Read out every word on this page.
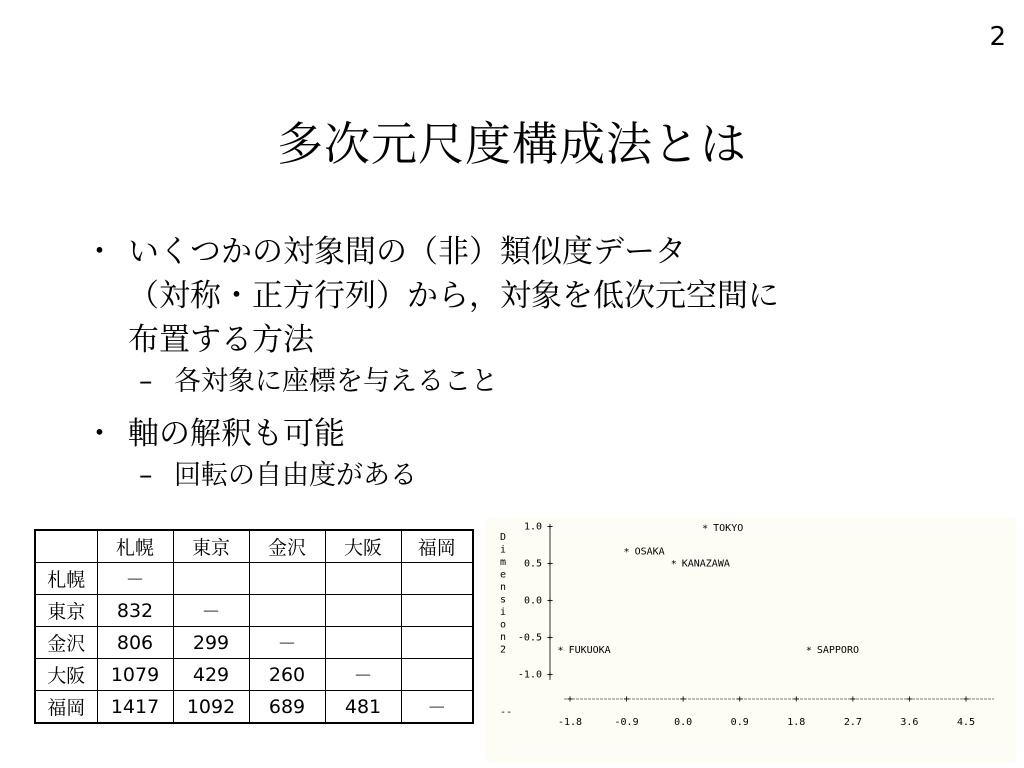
2
多次元尺度構成法とは
・ いくつかの対象間の（非）類似度データ
（対称・正方行列）から，対象を低次元空間に
布置する方法
– 各対象に座標を与えること
・ 軸の解釈も可能
– 回転の自由度がある
	札幌	東京	金沢	大阪	福岡
札幌	－				
東京	832	－			
金沢	806	299	－		
大阪	1079	429	260	－	
福岡	1417	1092	689	481	－
1.0 +
0.5 +
0.0 +
-0.5 +
-1.0 +
D
i
m
e
n
s
i
o
n
2
+
-1.8
+
-0.9
+
0.0
+
0.9
+
1.8
+
2.7
+
3.6
+
4.5
--
* TOKYO
* OSAKA
* KANAZAWA
* FUKUOKA	* SAPPORO
